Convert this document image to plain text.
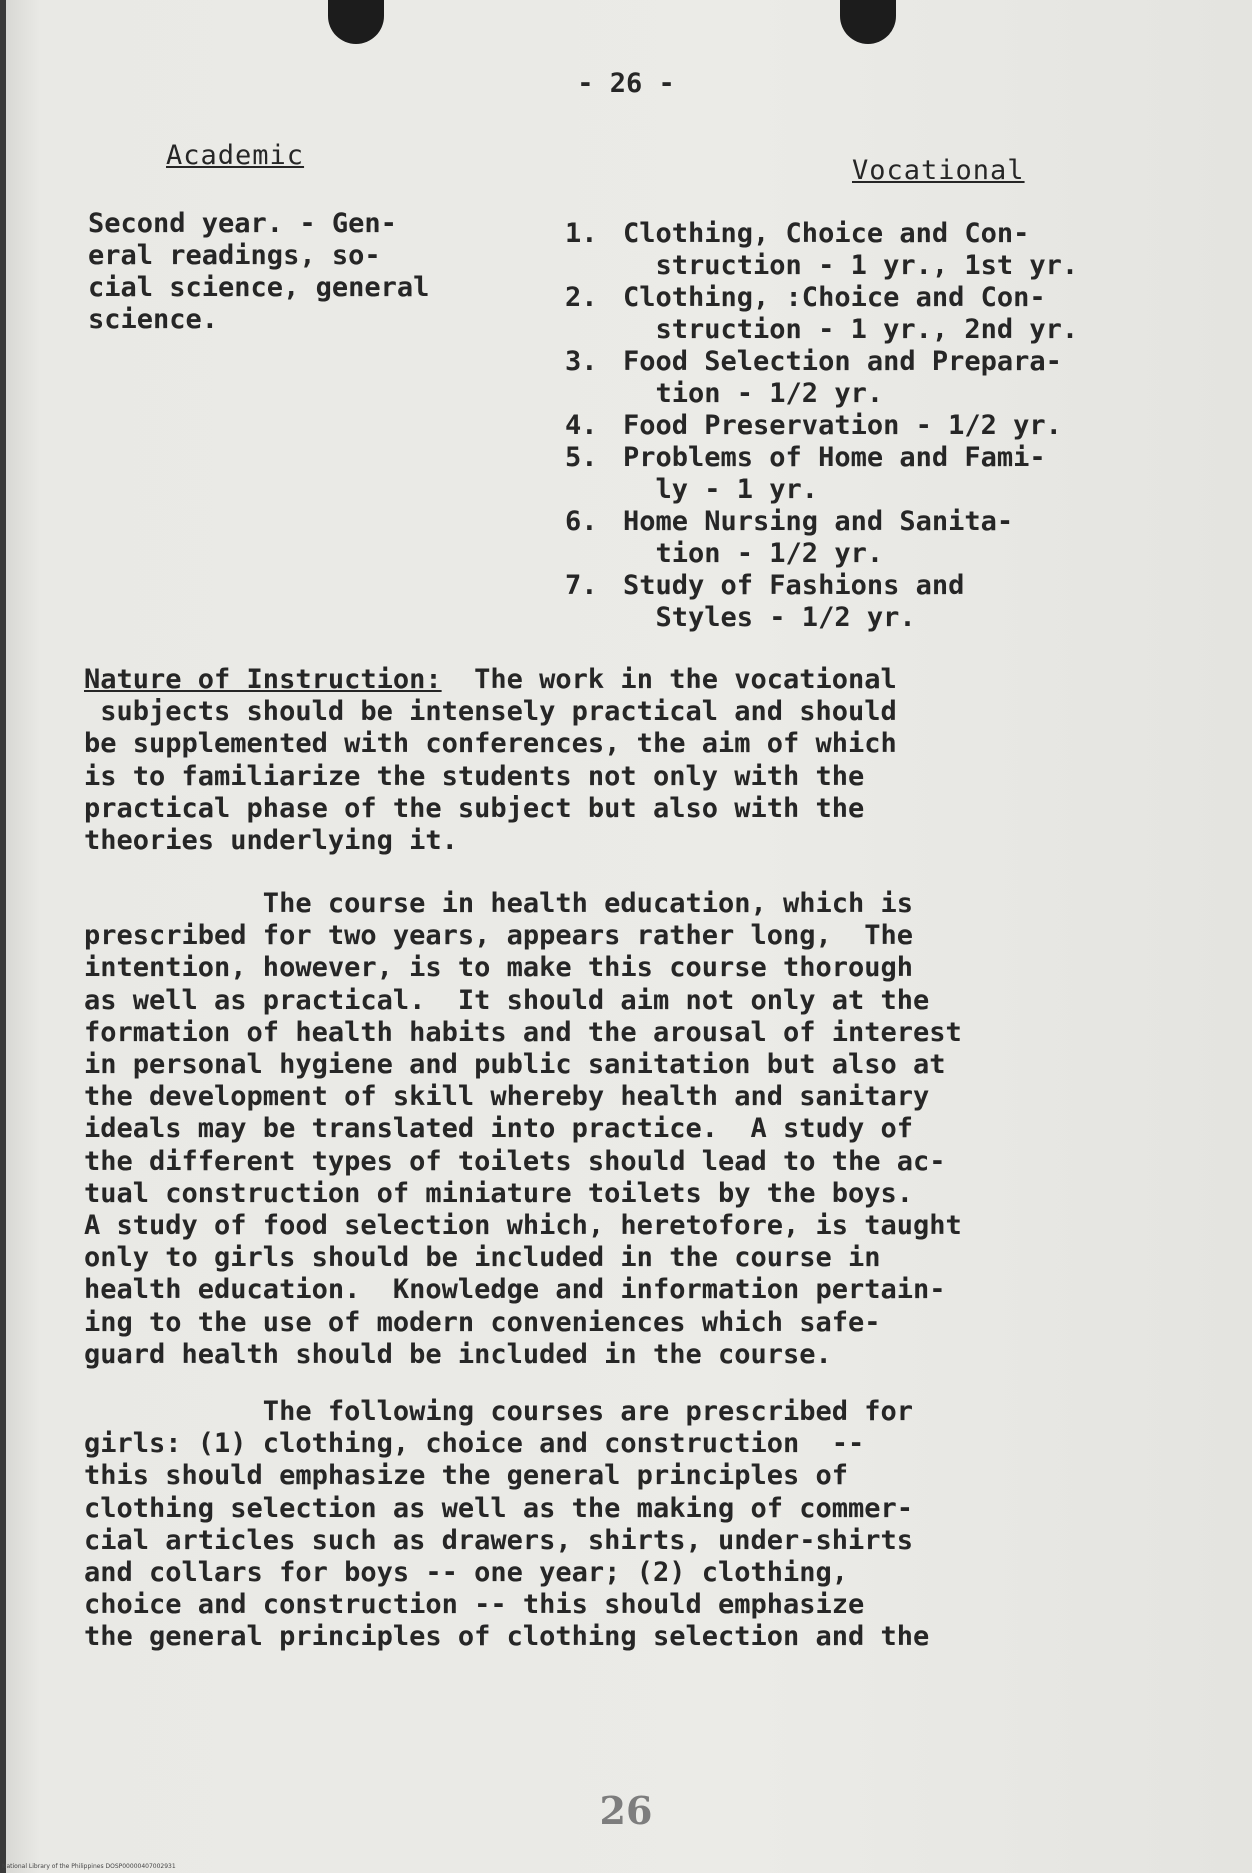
- 26 -
Academic	Vocational
Second year. - Gen-
eral readings, so-
cial science, general
science.
1. Clothing, Choice and Con-
struction - 1 yr., 1st yr.
2. Clothing, :Choice and Con-
struction - 1 yr., 2nd yr.
3. Food Selection and Prepara-
tion - 1/2 yr.
4. Food Preservation - 1/2 yr.
5. Problems of Home and Fami-
ly - 1 yr.
6. Home Nursing and Sanita-
tion - 1/2 yr.
7. Study of Fashions and
Styles - 1/2 yr.
Nature of Instruction:  The work in the vocational
subjects should be intensely practical and should
be supplemented with conferences, the aim of which
is to familiarize the students not only with the
practical phase of the subject but also with the
theories underlying it.
The course in health education, which is
prescribed for two years, appears rather long,  The
intention, however, is to make this course thorough
as well as practical.  It should aim not only at the
formation of health habits and the arousal of interest
in personal hygiene and public sanitation but also at
the development of skill whereby health and sanitary
ideals may be translated into practice.  A study of
the different types of toilets should lead to the ac-
tual construction of miniature toilets by the boys.
A study of food selection which, heretofore, is taught
only to girls should be included in the course in
health education.  Knowledge and information pertain-
ing to the use of modern conveniences which safe-
guard health should be included in the course.
The following courses are prescribed for
girls: (1) clothing, choice and construction  --
this should emphasize the general principles of
clothing selection as well as the making of commer-
cial articles such as drawers, shirts, under-shirts
and collars for boys -- one year; (2) clothing,
choice and construction -- this should emphasize
the general principles of clothing selection and the
26
National Library of the Philippines DOSP00000407002931
